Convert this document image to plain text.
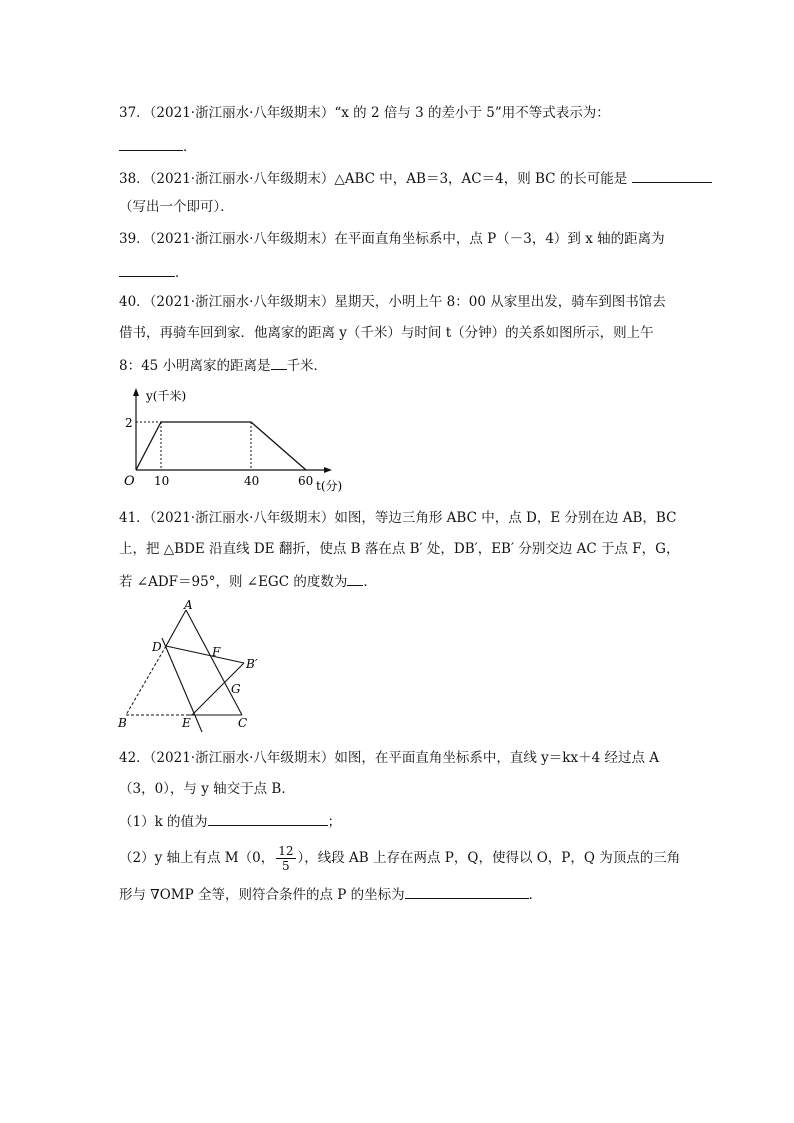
37．（2021·浙江丽水·八年级期末）“x 的 2 倍与 3 的差小于 5”用不等式表示为：
．
38．（2021·浙江丽水·八年级期末）△ABC 中，AB＝3，AC＝4，则 BC 的长可能是
（写出一个即可）．
39．（2021·浙江丽水·八年级期末）在平面直角坐标系中，点 P（－3，4）到 x 轴的距离为
．
40．（2021·浙江丽水·八年级期末）星期天，小明上午 8：00 从家里出发，骑车到图书馆去
借书，再骑车回到家．他离家的距离 y（千米）与时间 t（分钟）的关系如图所示，则上午
8：45 小明离家的距离是 千米．
y(千米)
t(分)
O
2
10	40	60
41．（2021·浙江丽水·八年级期末）如图，等边三角形 ABC 中，点 D，E 分别在边 AB，BC
上，把 △BDE 沿直线 DE 翻折，使点 B 落在点 B′ 处，DB′，EB′ 分别交边 AC 于点 F，G，
若 ∠ADF＝95°，则 ∠EGC 的度数为 ．
A
D	F
B′
G
B	E	C
42．（2021·浙江丽水·八年级期末）如图，在平面直角坐标系中，直线 y＝kx＋4 经过点 A
（3，0），与 y 轴交于点 B．
（1）k 的值为	；
（2）y 轴上有点 M（0， $\frac{12}{5}$ ），线段 AB 上存在两点 P，Q，使得以 O，P，Q 为顶点的三角
形与 ∇OMP 全等，则符合条件的点 P 的坐标为	．
